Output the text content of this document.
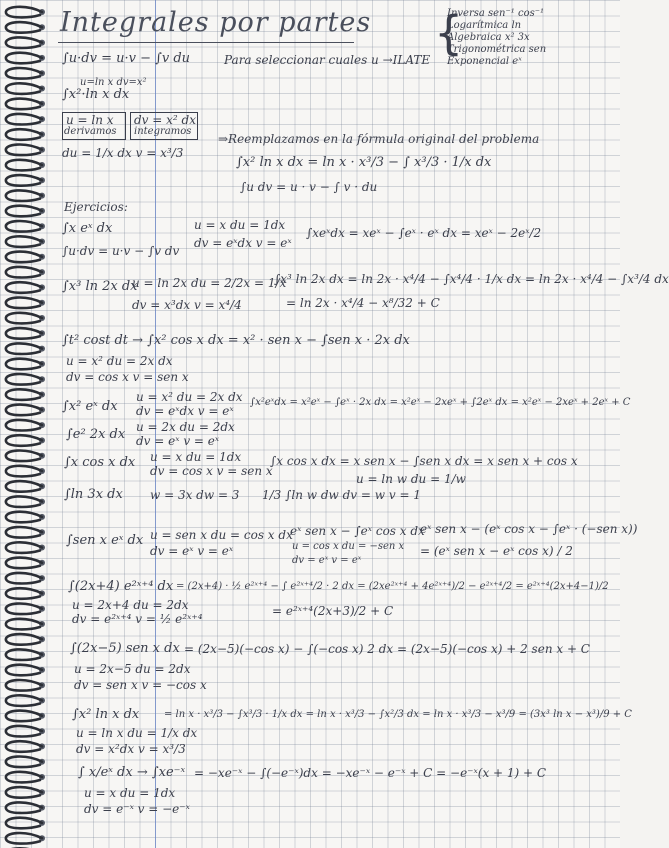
Integrales por partes
∫u·dv = u·v − ∫v du	Para seleccionar cuales u →ILATE {
Inversa sen⁻¹ cos⁻¹
Logarítmica ln
Algebraica x² 3x
Trigonométrica sen
Exponencial eˣ
u=ln x dv=x²
∫x²·ln x dx
u = ln x
derivamos
dv = x² dx
integramos
du = 1/x dx v = x³/3
⇒Reemplazamos en la fórmula original del problema
∫x² ln x dx = ln x · x³/3 − ∫ x³/3 · 1/x dx
∫u dv = u · v − ∫ v · du
Ejercicios:
∫x eˣ dx
∫u·dv = u·v − ∫v dv
u = x du = 1dx
dv = eˣdx v = eˣ
∫xeˣdx = xeˣ − ∫eˣ · eˣ dx = xeˣ − 2eˣ/2
∫x³ ln 2x dx
u = ln 2x du = 2/2x = 1/x
dv = x³dx v = x⁴/4
∫x³ ln 2x dx = ln 2x · x⁴/4 − ∫x⁴/4 · 1/x dx = ln 2x · x⁴/4 − ∫x³/4 dx
= ln 2x · x⁴/4 − x⁸/32 + C
∫t² cost dt → ∫x² cos x dx = x² · sen x − ∫sen x · 2x dx
u = x² du = 2x dx
dv = cos x v = sen x
∫x² eˣ dx
u = x² du = 2x dx
dv = eˣdx v = eˣ
∫x²eˣdx = x²eˣ − ∫eˣ · 2x dx = x²eˣ − 2xeˣ + ∫2eˣ dx = x²eˣ − 2xeˣ + 2eˣ + C
∫e² 2x dx u = 2x du = 2dx
dv = eˣ v = eˣ
∫x cos x dx	u = x du = 1dx
dv = cos x v = sen x
∫x cos x dx = x sen x − ∫sen x dx = x sen x + cos x
u = ln w du = 1/w
∫ln 3x dx	w = 3x dw = 3	1/3 ∫ln w dw dv = w v = 1
∫sen x eˣ dx u = sen x du = cos x dx
dv = eˣ v = eˣ
eˣ sen x − ∫eˣ cos x dx
u = cos x du = −sen x
dv = eˣ v = eˣ
eˣ sen x − (eˣ cos x − ∫eˣ · (−sen x))
= (eˣ sen x − eˣ cos x) / 2
∫(2x+4) e²ˣ⁺⁴ dx = (2x+4) · ½ e²ˣ⁺⁴ − ∫ e²ˣ⁺⁴/2 · 2 dx = (2xe²ˣ⁺⁴ + 4e²ˣ⁺⁴)/2 − e²ˣ⁺⁴/2 = e²ˣ⁺⁴(2x+4−1)/2
u = 2x+4 du = 2dx
dv = e²ˣ⁺⁴ v = ½ e²ˣ⁺⁴
= e²ˣ⁺⁴(2x+3)/2 + C
∫(2x−5) sen x dx = (2x−5)(−cos x) − ∫(−cos x) 2 dx = (2x−5)(−cos x) + 2 sen x + C
u = 2x−5 du = 2dx
dv = sen x v = −cos x
∫x² ln x dx	= ln x · x³/3 − ∫x³/3 · 1/x dx = ln x · x³/3 − ∫x²/3 dx = ln x · x³/3 − x³/9 = (3x³ ln x − x³)/9 + C
u = ln x du = 1/x dx
dv = x²dx v = x³/3
∫ x/eˣ dx → ∫xe⁻ˣ = −xe⁻ˣ − ∫(−e⁻ˣ)dx = −xe⁻ˣ − e⁻ˣ + C = −e⁻ˣ(x + 1) + C
u = x du = 1dx
dv = e⁻ˣ v = −e⁻ˣ
